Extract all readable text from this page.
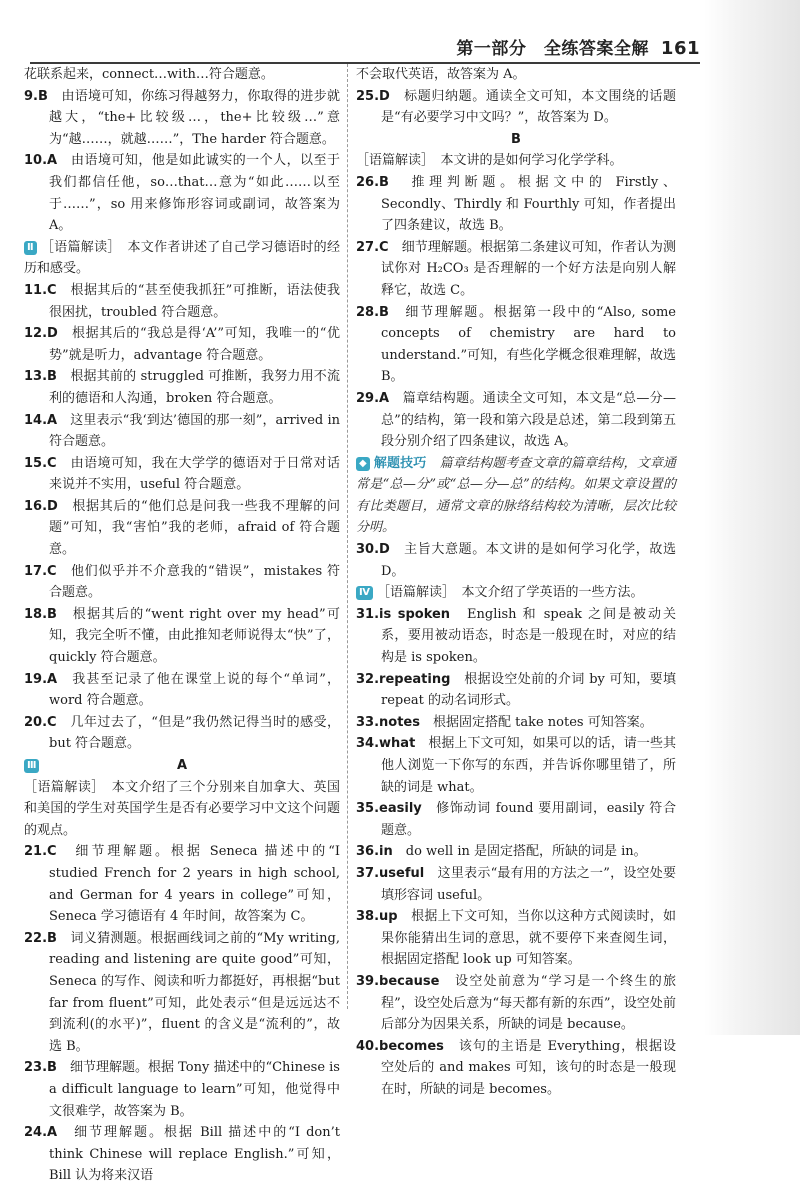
第一部分　全练答案全解 161

花联系起来，connect…with…符合题意。

9.B　 由语境可知，你练习得越努力，你取得的进步就越大，“the+比较级…，the+比较级…”意为“越……，就越……”，The harder 符合题意。

10.A　 由语境可知，他是如此诚实的一个人，以至于我们都信任他，so…that…意为“如此……以至于……”，so 用来修饰形容词或副词，故答案为 A。

Ⅱ ［语篇解读］　本文作者讲述了自己学习德语时的经历和感受。

11.C　 根据其后的“甚至使我抓狂”可推断，语法使我很困扰，troubled 符合题意。

12.D　 根据其后的“我总是得‘A’”可知，我唯一的“优势”就是听力，advantage 符合题意。

13.B　 根据其前的 struggled 可推断，我努力用不流利的德语和人沟通，broken 符合题意。

14.A　 这里表示“我‘到达’德国的那一刻”，arrived in 符合题意。

15.C　 由语境可知，我在大学学的德语对于日常对话来说并不实用，useful 符合题意。

16.D　 根据其后的“他们总是问我一些我不理解的问题”可知，我“害怕”我的老师，afraid of 符合题意。

17.C　 他们似乎并不介意我的“错误”，mistakes 符合题意。

18.B　 根据其后的“went right over my head”可知，我完全听不懂，由此推知老师说得太“快”了，quickly 符合题意。

19.A　 我甚至记录了他在课堂上说的每个“单词”，word 符合题意。

20.C　 几年过去了，“但是”我仍然记得当时的感受，but 符合题意。

Ⅲ	A

［语篇解读］　本文介绍了三个分别来自加拿大、英国和美国的学生对英国学生是否有必要学习中文这个问题的观点。

21.C　 细节理解题。根据 Seneca 描述中的“I studied French for 2 years in high school, and German for 4 years in college”可知，Seneca 学习德语有 4 年时间，故答案为 C。

22.B　 词义猜测题。根据画线词之前的“My writing, reading and listening are quite good”可知，Seneca 的写作、阅读和听力都挺好，再根据“but far from fluent”可知，此处表示“但是远远达不到流利(的水平)”，fluent 的含义是“流利的”，故选 B。

23.B　 细节理解题。根据 Tony 描述中的“Chinese is a difficult language to learn”可知，他觉得中文很难学，故答案为 B。

24.A　 细节理解题。根据 Bill 描述中的“I don’t think Chinese will replace English.”可知，Bill 认为将来汉语

不会取代英语，故答案为 A。

25.D　 标题归纳题。通读全文可知，本文围绕的话题是“有必要学习中文吗？”，故答案为 D。

B

［语篇解读］　本文讲的是如何学习化学学科。

26.B　 推理判断题。根据文中的 Firstly、Secondly、Thirdly 和 Fourthly 可知，作者提出了四条建议，故选 B。

27.C　 细节理解题。根据第二条建议可知，作者认为测试你对 H₂CO₃ 是否理解的一个好方法是向别人解释它，故选 C。

28.B　 细节理解题。根据第一段中的“Also, some concepts of chemistry are hard to understand.”可知，有些化学概念很难理解，故选 B。

29.A　 篇章结构题。通读全文可知，本文是“总—分—总”的结构，第一段和第六段是总述，第二段到第五段分别介绍了四条建议，故选 A。

◆ 解题技巧　 篇章结构题考查文章的篇章结构，文章通常是“总—分”或“总—分—总”的结构。如果文章设置的有比类题目，通常文章的脉络结构较为清晰，层次比较分明。

30.D　 主旨大意题。本文讲的是如何学习化学，故选 D。

Ⅳ ［语篇解读］　本文介绍了学英语的一些方法。

31.is spoken　 English 和 speak 之间是被动关系，要用被动语态，时态是一般现在时，对应的结构是 is spoken。

32.repeating　 根据设空处前的介词 by 可知，要填 repeat 的动名词形式。

33.notes　 根据固定搭配 take notes 可知答案。

34.what　 根据上下文可知，如果可以的话，请一些其他人浏览一下你写的东西，并告诉你哪里错了，所缺的词是 what。

35.easily　 修饰动词 found 要用副词，easily 符合题意。

36.in　 do well in 是固定搭配，所缺的词是 in。

37.useful　 这里表示“最有用的方法之一”，设空处要填形容词 useful。

38.up　 根据上下文可知，当你以这种方式阅读时，如果你能猜出生词的意思，就不要停下来查阅生词，根据固定搭配 look up 可知答案。

39.because　 设空处前意为“学习是一个终生的旅程”，设空处后意为“每天都有新的东西”，设空处前后部分为因果关系，所缺的词是 because。

40.becomes　 该句的主语是 Everything，根据设空处后的 and makes 可知，该句的时态是一般现在时，所缺的词是 becomes。
